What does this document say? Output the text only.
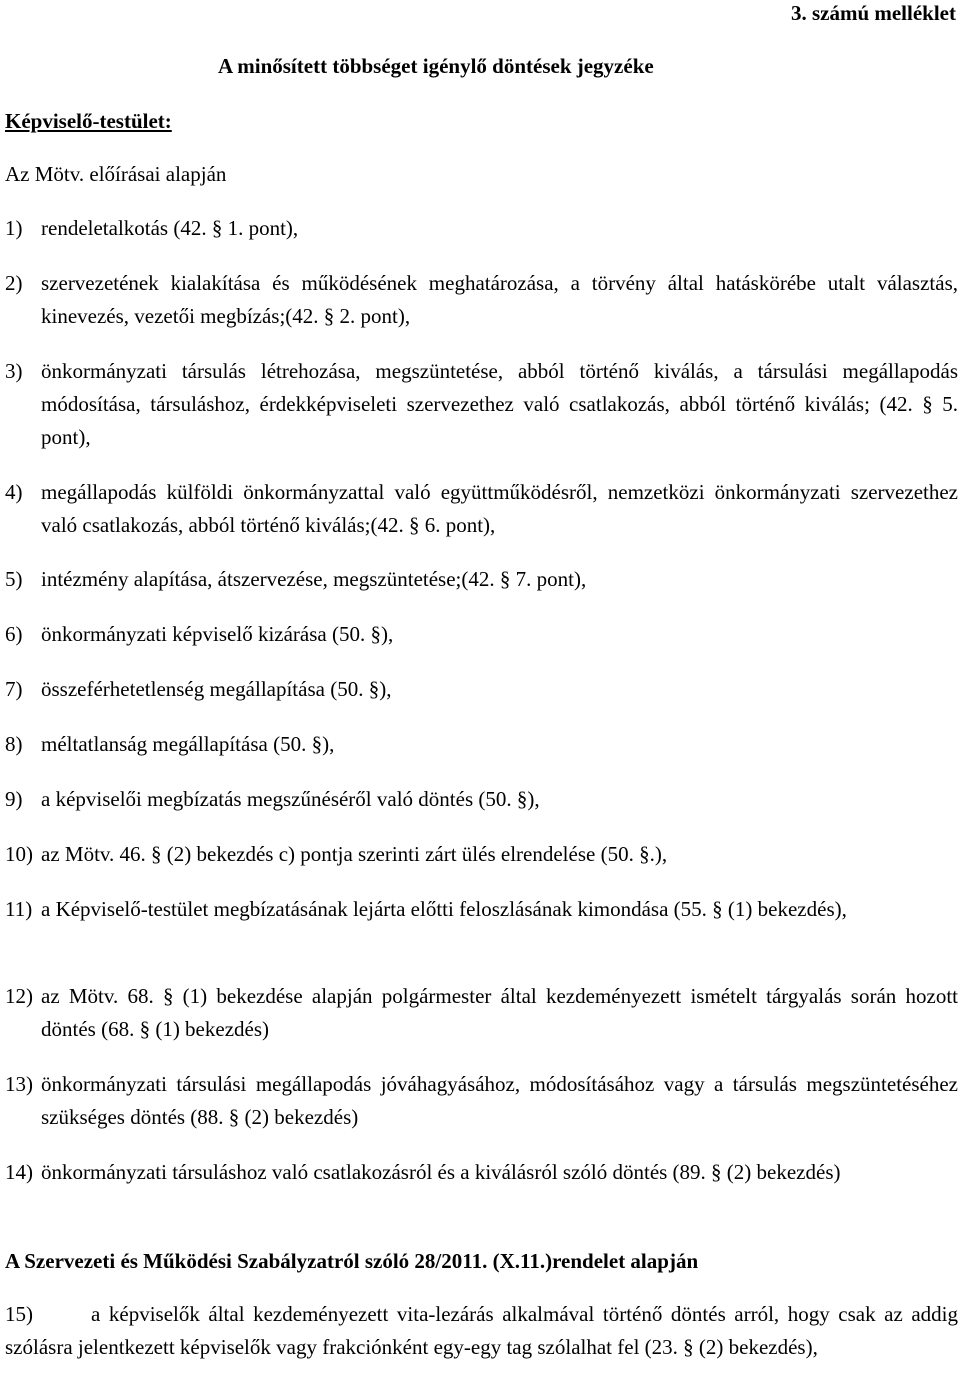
3. számú melléklet
A minősített többséget igénylő döntések jegyzéke
Képviselő-testület:
Az Mötv. előírásai alapján
1) rendeletalkotás (42. § 1. pont),
2) szervezetének kialakítása és működésének meghatározása, a törvény által hatáskörébe utalt választás, kinevezés, vezetői megbízás;(42. § 2. pont),
3) önkormányzati társulás létrehozása, megszüntetése, abból történő kiválás, a társulási megállapodás módosítása, társuláshoz, érdekképviseleti szervezethez való csatlakozás, abból történő kiválás; (42. § 5. pont),
4) megállapodás külföldi önkormányzattal való együttműködésről, nemzetközi önkormányzati szervezethez való csatlakozás, abból történő kiválás;(42. § 6. pont),
5) intézmény alapítása, átszervezése, megszüntetése;(42. § 7. pont),
6) önkormányzati képviselő kizárása (50. §),
7) összeférhetetlenség megállapítása (50. §),
8) méltatlanság megállapítása (50. §),
9) a képviselői megbízatás megszűnéséről való döntés (50. §),
10) az Mötv. 46. § (2) bekezdés c) pontja szerinti zárt ülés elrendelése (50. §.),
11) a Képviselő-testület megbízatásának lejárta előtti feloszlásának kimondása (55. § (1) bekezdés),
12) az Mötv. 68. § (1) bekezdése alapján polgármester által kezdeményezett ismételt tárgyalás során hozott döntés (68. § (1) bekezdés)
13) önkormányzati társulási megállapodás jóváhagyásához, módosításához vagy a társulás megszüntetéséhez szükséges döntés (88. § (2) bekezdés)
14) önkormányzati társuláshoz való csatlakozásról és a kiválásról szóló döntés (89. § (2) bekezdés)
A Szervezeti és Működési Szabályzatról szóló 28/2011. (X.11.)rendelet alapján
15)	a képviselők által kezdeményezett vita-lezárás alkalmával történő döntés arról, hogy csak az addig szólásra jelentkezett képviselők vagy frakciónként egy-egy tag szólalhat fel (23. § (2) bekezdés),
